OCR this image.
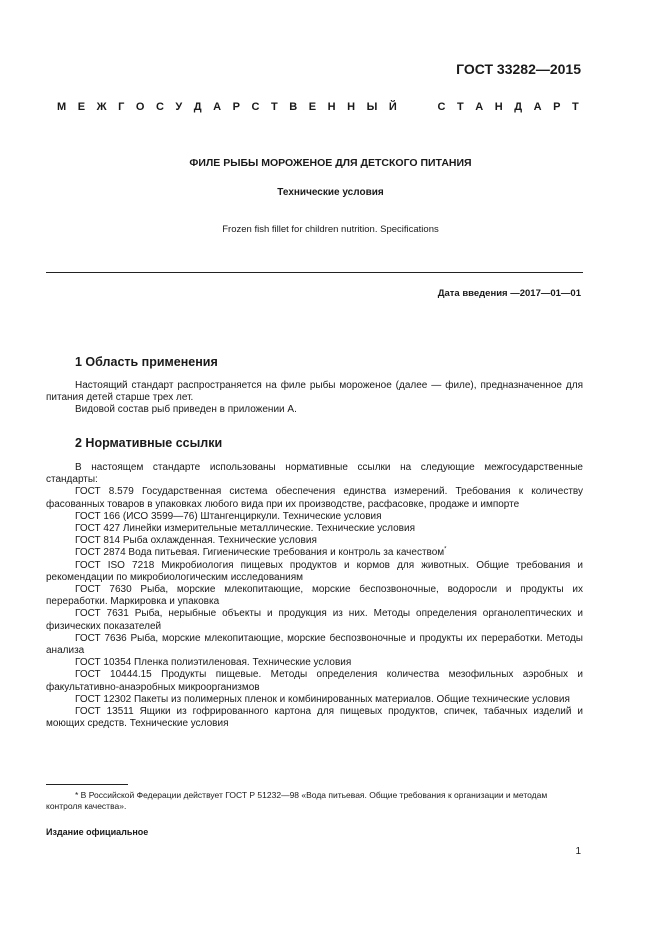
ГОСТ 33282—2015
М Е Ж Г О С У Д А Р С Т В Е Н Н Ы Й

	С Т А Н Д А Р Т
ФИЛЕ РЫБЫ МОРОЖЕНОЕ ДЛЯ ДЕТСКОГО ПИТАНИЯ
Технические условия
Frozen fish fillet for children nutrition. Specifications
Дата введения —2017—01—01
1 Область применения

Настоящий стандарт распространяется на филе рыбы мороженое (далее — филе), предназначенное для питания детей старше трех лет.

Видовой состав рыб приведен в приложении А.

2 Нормативные ссылки

В настоящем стандарте использованы нормативные ссылки на следующие межгосударственные стандарты:

ГОСТ 8.579 Государственная система обеспечения единства измерений. Требования к количеству фасованных товаров в упаковках любого вида при их производстве, расфасовке, продаже и импорте

ГОСТ 166 (ИСО 3599—76) Штангенциркули. Технические условия

ГОСТ 427 Линейки измерительные металлические. Технические условия

ГОСТ 814 Рыба охлажденная. Технические условия

ГОСТ 2874 Вода питьевая. Гигиенические требования и контроль за качеством*

ГОСТ ISO 7218 Микробиология пищевых продуктов и кормов для животных. Общие требования и рекомендации по микробиологическим исследованиям

ГОСТ 7630 Рыба, морские млекопитающие, морские беспозвоночные, водоросли и продукты их переработки. Маркировка и упаковка

ГОСТ 7631 Рыба, нерыбные объекты и продукция из них. Методы определения органолептических и физических показателей

ГОСТ 7636 Рыба, морские млекопитающие, морские беспозвоночные и продукты их переработки. Методы анализа

ГОСТ 10354 Пленка полиэтиленовая. Технические условия

ГОСТ 10444.15 Продукты пищевые. Методы определения количества мезофильных аэробных и факультативно-анаэробных микроорганизмов

ГОСТ 12302 Пакеты из полимерных пленок и комбинированных материалов. Общие технические условия

ГОСТ 13511 Ящики из гофрированного картона для пищевых продуктов, спичек, табачных изделий и моющих средств. Технические условия

* В Российской Федерации действует ГОСТ Р 51232—98 «Вода питьевая. Общие требования к организации и методам контроля качества».

Издание официальное
1
